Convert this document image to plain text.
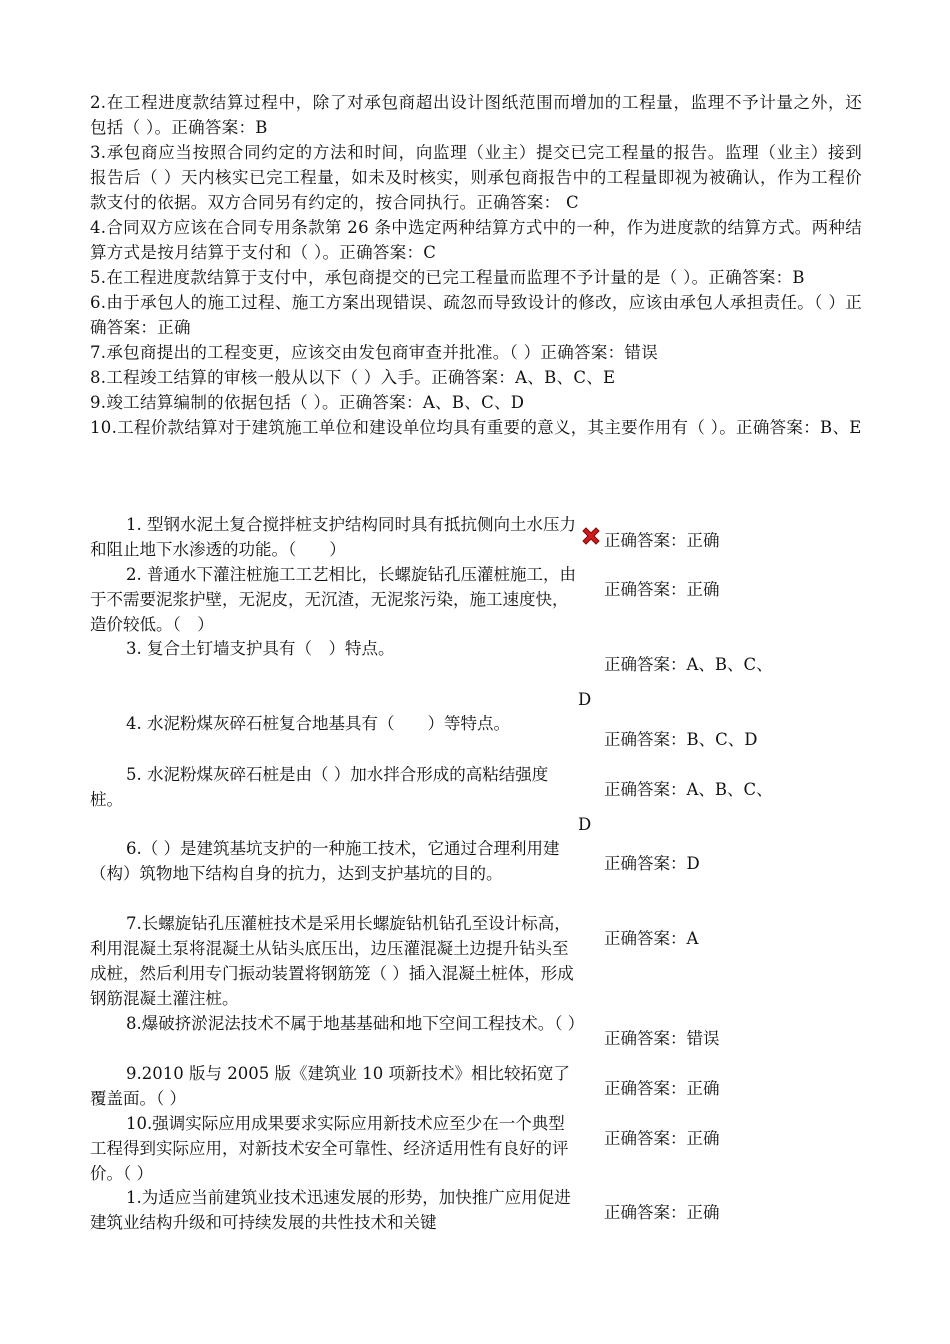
2.在工程进度款结算过程中，除了对承包商超出设计图纸范围而增加的工程量，监理不予计量之外，还包括（ ）。正确答案：B

3.承包商应当按照合同约定的方法和时间，向监理（业主）提交已完工程量的报告。监理（业主）接到报告后（ ）天内核实已完工程量，如未及时核实，则承包商报告中的工程量即视为被确认，作为工程价款支付的依据。双方合同另有约定的，按合同执行。正确答案： C

4.合同双方应该在合同专用条款第 26 条中选定两种结算方式中的一种，作为进度款的结算方式。两种结算方式是按月结算于支付和（ ）。正确答案：C

5.在工程进度款结算于支付中，承包商提交的已完工程量而监理不予计量的是（ ）。正确答案：B

6.由于承包人的施工过程、施工方案出现错误、疏忽而导致设计的修改，应该由承包人承担责任。（ ）正确答案：正确

7.承包商提出的工程变更，应该交由发包商审查并批准。（ ）正确答案：错误

8.工程竣工结算的审核一般从以下（ ）入手。正确答案：A、B、C、E

9.竣工结算编制的依据包括（ ）。正确答案：A、B、C、D

10.工程价款结算对于建筑施工单位和建设单位均具有重要的意义，其主要作用有（ ）。正确答案：B、E

1. 型钢水泥土复合搅拌桩支护结构同时具有抵抗侧向土水压力和阻止地下水渗透的功能。（　　）	正确答案：正确

2. 普通水下灌注桩施工工艺相比，长螺旋钻孔压灌桩施工，由于不需要泥浆护壁，无泥皮，无沉渣，无泥浆污染，施工速度快，造价较低。（　）

正确答案：正确

3. 复合土钉墙支护具有（　）特点。

正确答案：A、B、C、
D

4. 水泥粉煤灰碎石桩复合地基具有（　　）等特点。

正确答案：B、C、D

5. 水泥粉煤灰碎石桩是由（ ）加水拌合形成的高粘结强度桩。

正确答案：A、B、C、
D

6.（ ）是建筑基坑支护的一种施工技术，它通过合理利用建（构）筑物地下结构自身的抗力，达到支护基坑的目的。

正确答案：D

7.长螺旋钻孔压灌桩技术是采用长螺旋钻机钻孔至设计标高，利用混凝土泵将混凝土从钻头底压出，边压灌混凝土边提升钻头至成桩，然后利用专门振动装置将钢筋笼（ ）插入混凝土桩体，形成钢筋混凝土灌注桩。

正确答案：A

8.爆破挤淤泥法技术不属于地基基础和地下空间工程技术。（ ）

正确答案：错误

9.2010 版与 2005 版《建筑业 10 项新技术》相比较拓宽了覆盖面。（ ）

正确答案：正确

10.强调实际应用成果要求实际应用新技术应至少在一个典型工程得到实际应用，对新技术安全可靠性、经济适用性有良好的评价。（ ）

正确答案：正确

1.为适应当前建筑业技术迅速发展的形势，加快推广应用促进建筑业结构升级和可持续发展的共性技术和关键

正确答案：正确
